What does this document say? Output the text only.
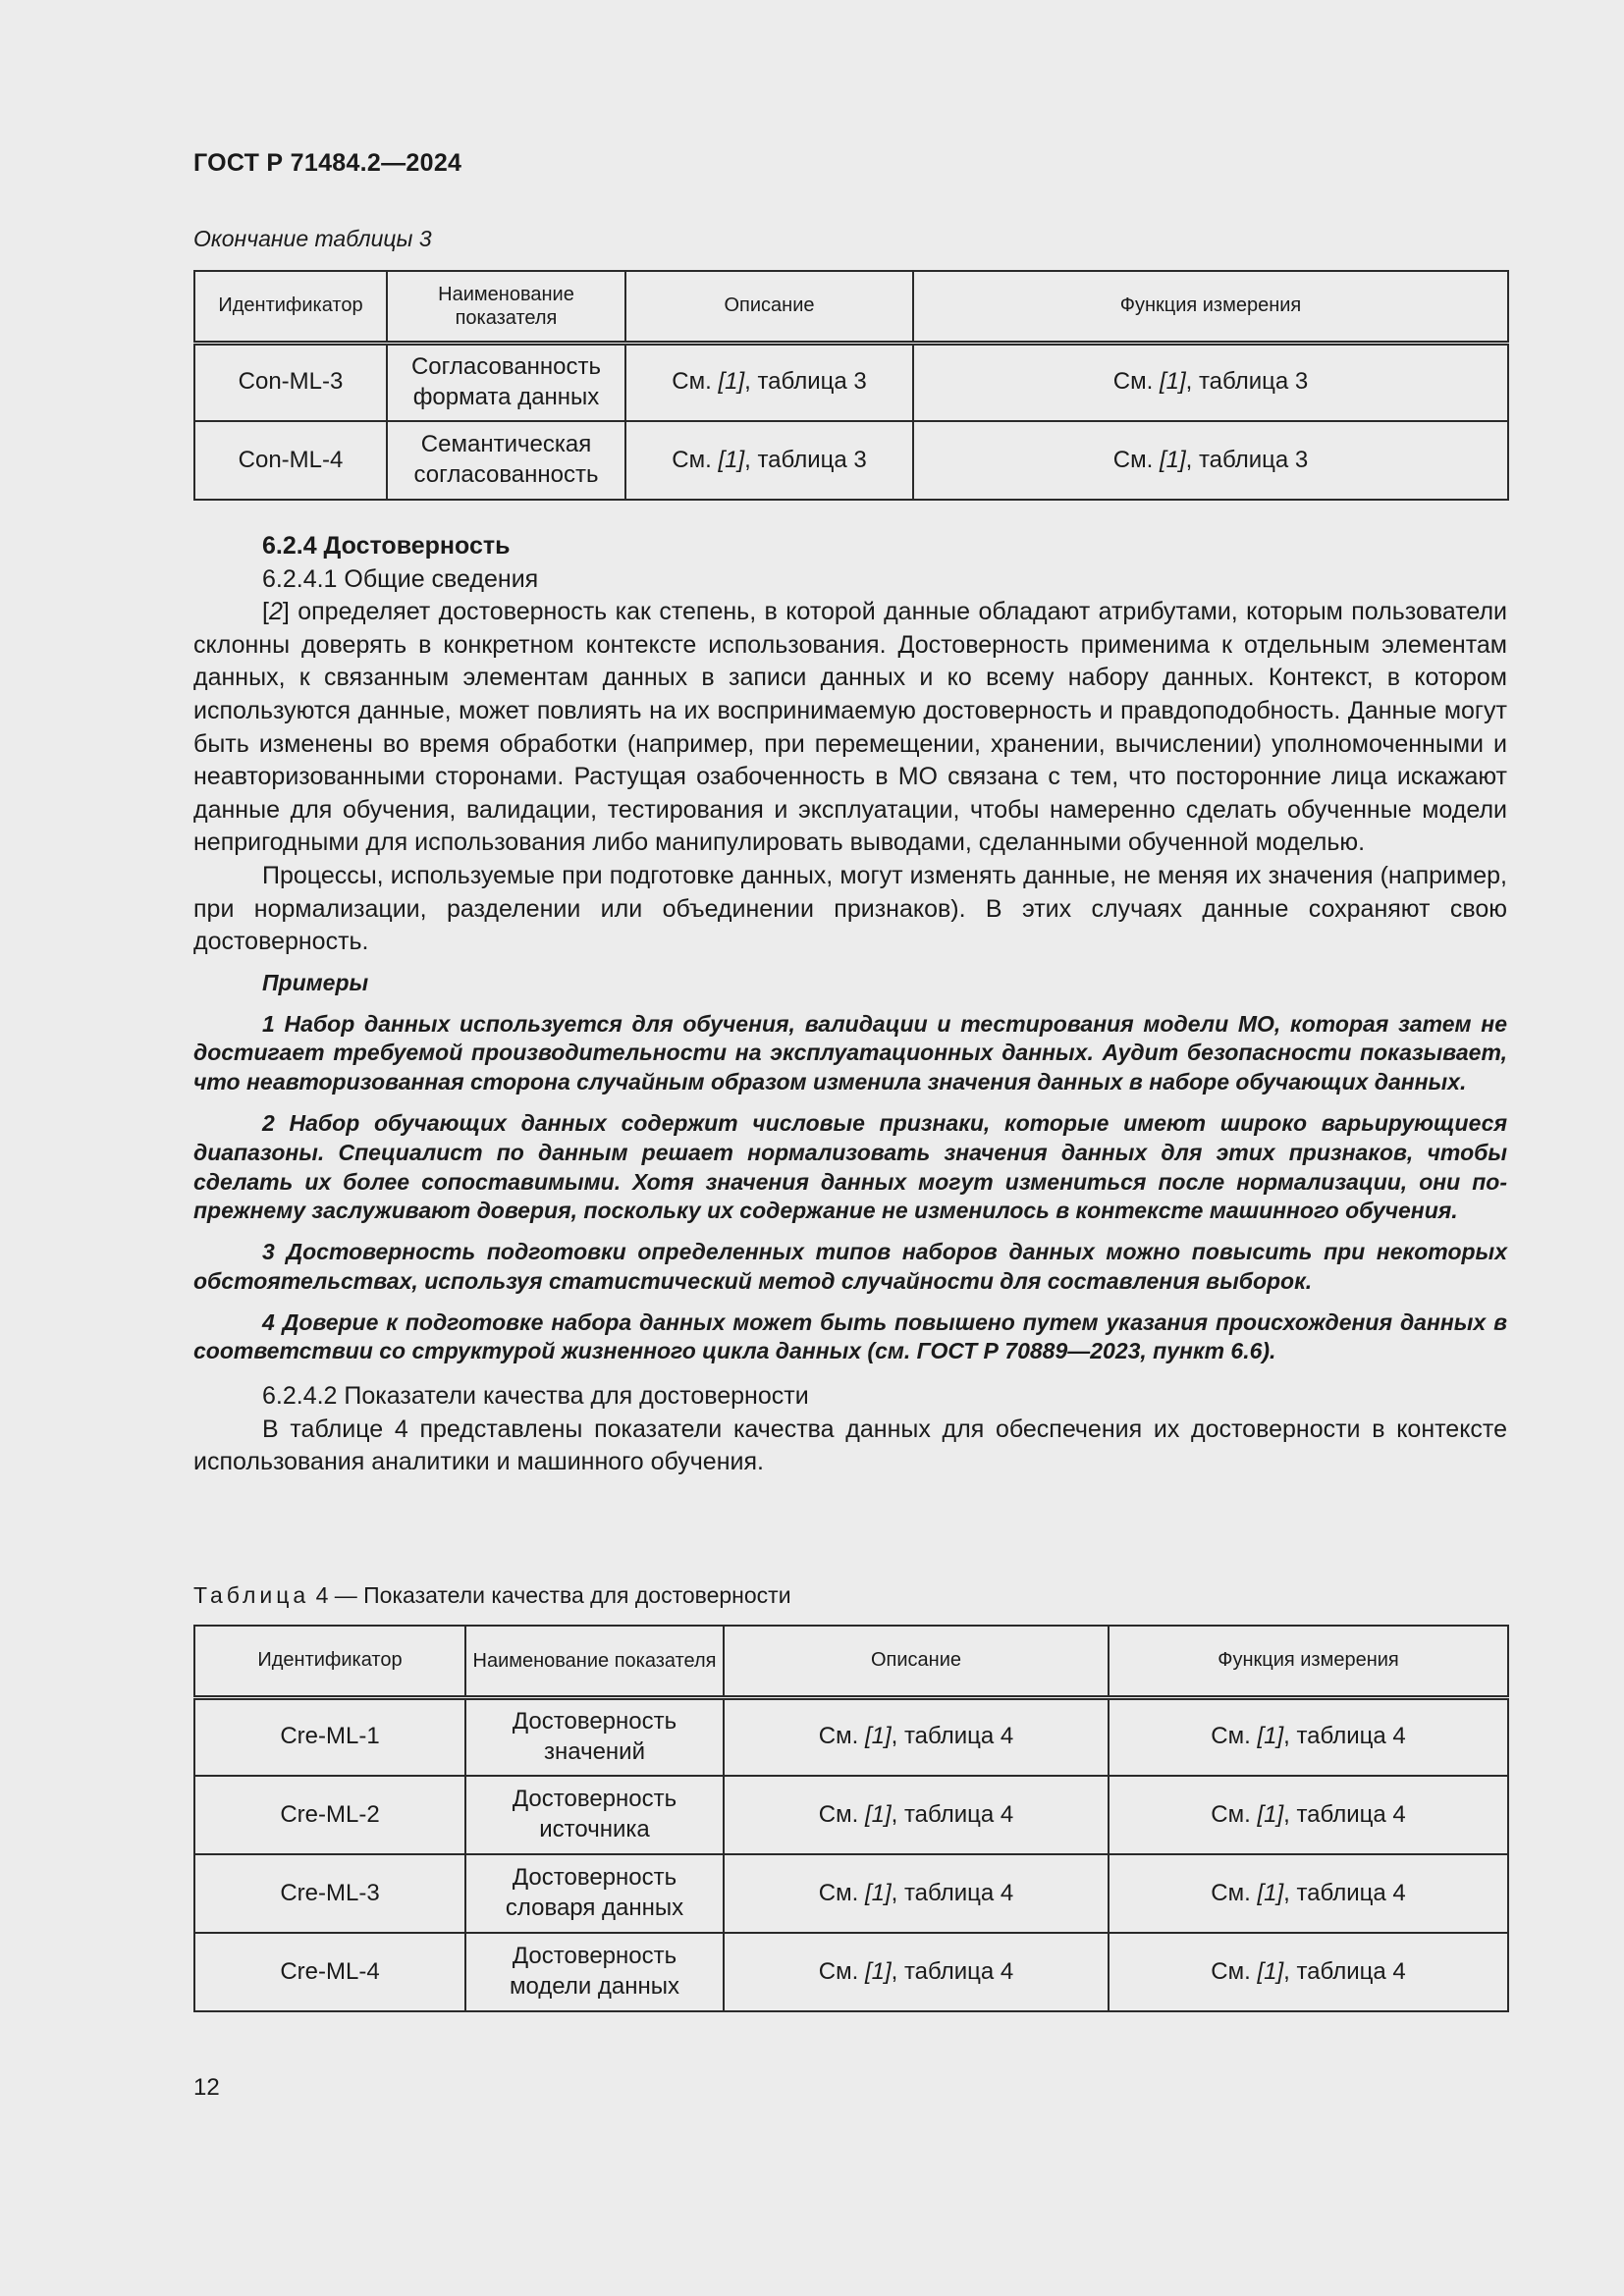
ГОСТ Р 71484.2—2024
Окончание таблицы 3
Идентификатор	Наименование показателя	Описание	Функция измерения
Con-ML-3	Согласованность формата данных	См. [1], таблица 3	См. [1], таблица 3
Con-ML-4	Семантическая согласованность	См. [1], таблица 3	См. [1], таблица 3
6.2.4 Достоверность
6.2.4.1 Общие сведения

[2] определяет достоверность как степень, в которой данные обладают атрибутами, которым пользователи склонны доверять в конкретном контексте использования. Достоверность применима к отдельным элементам данных, к связанным элементам данных в записи данных и ко всему набору данных. Контекст, в котором используются данные, может повлиять на их воспринимаемую достоверность и правдоподобность. Данные могут быть изменены во время обработки (например, при перемещении, хранении, вычислении) уполномоченными и неавторизованными сторонами. Растущая озабоченность в МО связана с тем, что посторонние лица искажают данные для обучения, валидации, тестирования и эксплуатации, чтобы намеренно сделать обученные модели непригодными для использования либо манипулировать выводами, сделанными обученной моделью.

Процессы, используемые при подготовке данных, могут изменять данные, не меняя их значения (например, при нормализации, разделении или объединении признаков). В этих случаях данные сохраняют свою достоверность.

Примеры

1 Набор данных используется для обучения, валидации и тестирования модели МО, которая затем не достигает требуемой производительности на эксплуатационных данных. Аудит безопасности показывает, что неавторизованная сторона случайным образом изменила значения данных в наборе обучающих данных.

2 Набор обучающих данных содержит числовые признаки, которые имеют широко варьирующиеся диапазоны. Специалист по данным решает нормализовать значения данных для этих признаков, чтобы сделать их более сопоставимыми. Хотя значения данных могут измениться после нормализации, они по-прежнему заслуживают доверия, поскольку их содержание не изменилось в контексте машинного обучения.

3 Достоверность подготовки определенных типов наборов данных можно повысить при некоторых обстоятельствах, используя статистический метод случайности для составления выборок.

4 Доверие к подготовке набора данных может быть повышено путем указания происхождения данных в соответствии со структурой жизненного цикла данных (см. ГОСТ Р 70889—2023, пункт 6.6).

6.2.4.2 Показатели качества для достоверности

В таблице 4 представлены показатели качества данных для обеспечения их достоверности в контексте использования аналитики и машинного обучения.

Таблица 4 — Показатели качества для достоверности
Идентификатор	Наименование показателя	Описание	Функция измерения
Cre-ML-1	Достоверность значений	См. [1], таблица 4	См. [1], таблица 4
Cre-ML-2	Достоверность источника	См. [1], таблица 4	См. [1], таблица 4
Cre-ML-3	Достоверность словаря данных	См. [1], таблица 4	См. [1], таблица 4
Cre-ML-4	Достоверность модели данных	См. [1], таблица 4	См. [1], таблица 4
12
